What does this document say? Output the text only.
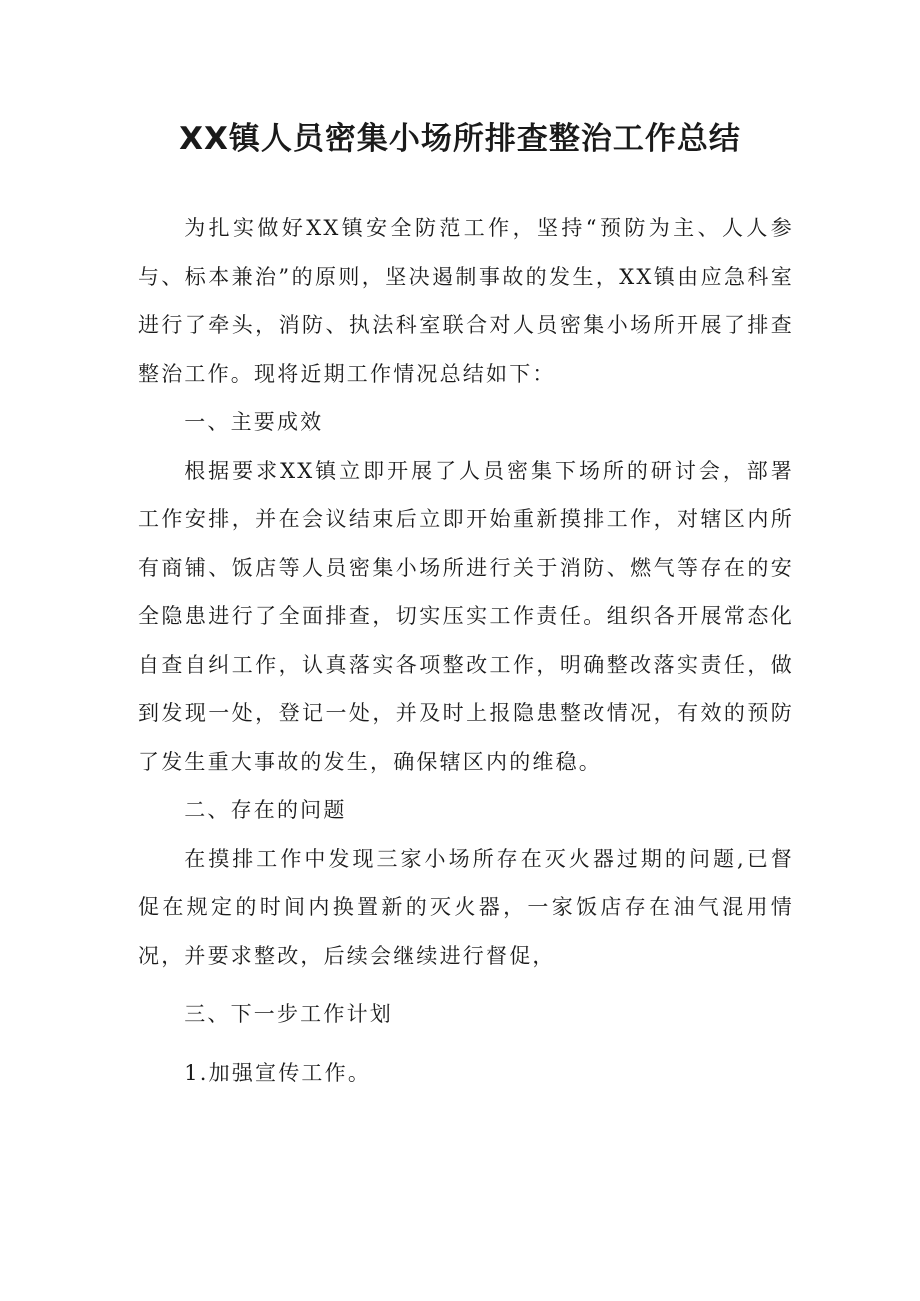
XX镇人员密集小场所排查整治工作总结

为扎实做好XX镇安全防范工作，坚持“预防为主、人人参与、标本兼治”的原则，坚决遏制事故的发生，XX镇由应急科室进行了牵头，消防、执法科室联合对人员密集小场所开展了排查整治工作。现将近期工作情况总结如下：

一、主要成效

根据要求XX镇立即开展了人员密集下场所的研讨会，部署工作安排，并在会议结束后立即开始重新摸排工作，对辖区内所有商铺、饭店等人员密集小场所进行关于消防、燃气等存在的安全隐患进行了全面排查，切实压实工作责任。组织各开展常态化自查自纠工作，认真落实各项整改工作，明确整改落实责任，做到发现一处，登记一处，并及时上报隐患整改情况，有效的预防了发生重大事故的发生，确保辖区内的维稳。

二、存在的问题

在摸排工作中发现三家小场所存在灭火器过期的问题,已督促在规定的时间内换置新的灭火器，一家饭店存在油气混用情况，并要求整改，后续会继续进行督促，

三、下一步工作计划

1.加强宣传工作。
